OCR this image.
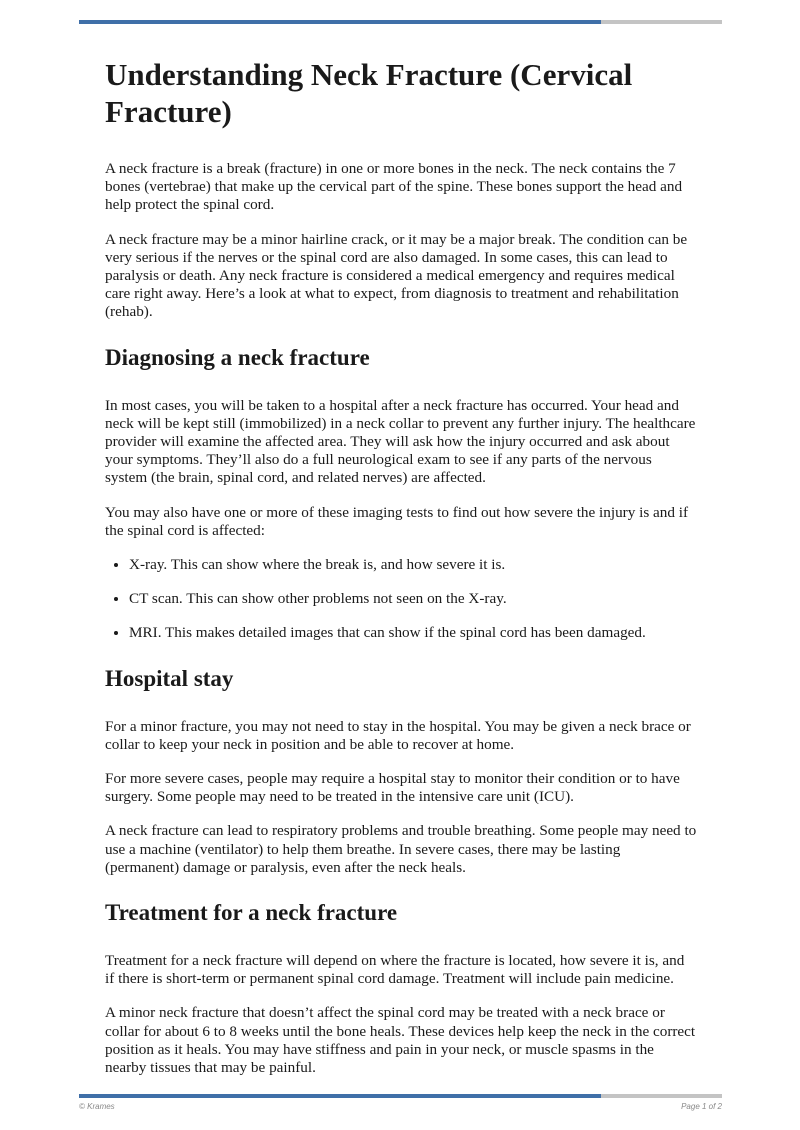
Understanding Neck Fracture (Cervical Fracture)

A neck fracture is a break (fracture) in one or more bones in the neck. The neck contains the 7 bones (vertebrae) that make up the cervical part of the spine. These bones support the head and help protect the spinal cord.

A neck fracture may be a minor hairline crack, or it may be a major break. The condition can be very serious if the nerves or the spinal cord are also damaged. In some cases, this can lead to paralysis or death. Any neck fracture is considered a medical emergency and requires medical care right away. Here’s a look at what to expect, from diagnosis to treatment and rehabilitation (rehab).

Diagnosing a neck fracture

In most cases, you will be taken to a hospital after a neck fracture has occurred. Your head and neck will be kept still (immobilized) in a neck collar to prevent any further injury. The healthcare provider will examine the affected area. They will ask how the injury occurred and ask about your symptoms. They’ll also do a full neurological exam to see if any parts of the nervous system (the brain, spinal cord, and related nerves) are affected.

You may also have one or more of these imaging tests to find out how severe the injury is and if the spinal cord is affected:

• X-ray. This can show where the break is, and how severe it is.
• CT scan. This can show other problems not seen on the X-ray.
• MRI. This makes detailed images that can show if the spinal cord has been damaged.
Hospital stay

For a minor fracture, you may not need to stay in the hospital. You may be given a neck brace or collar to keep your neck in position and be able to recover at home.

For more severe cases, people may require a hospital stay to monitor their condition or to have surgery. Some people may need to be treated in the intensive care unit (ICU).

A neck fracture can lead to respiratory problems and trouble breathing. Some people may need to use a machine (ventilator) to help them breathe. In severe cases, there may be lasting (permanent) damage or paralysis, even after the neck heals.

Treatment for a neck fracture

Treatment for a neck fracture will depend on where the fracture is located, how severe it is, and if there is short-term or permanent spinal cord damage. Treatment will include pain medicine.

A minor neck fracture that doesn’t affect the spinal cord may be treated with a neck brace or collar for about 6 to 8 weeks until the bone heals. These devices help keep the neck in the correct position as it heals. You may have stiffness and pain in your neck, or muscle spasms in the nearby tissues that may be painful.

© Krames	Page 1 of 2
